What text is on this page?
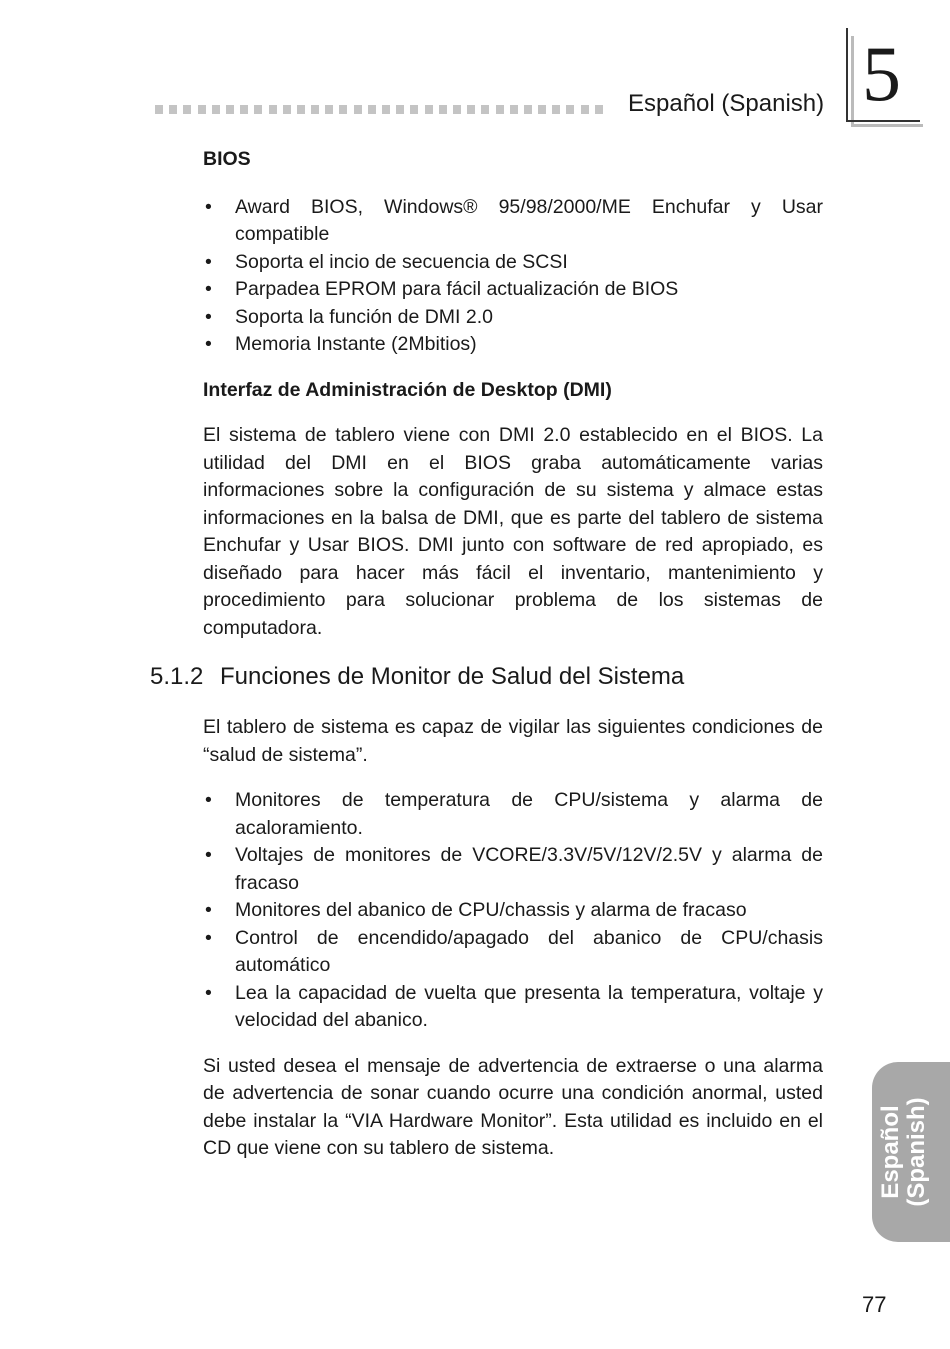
Español (Spanish) 5
BIOS
• Award BIOS, Windows® 95/98/2000/ME Enchufar y Usar compatible
• Soporta el incio de secuencia de SCSI
• Parpadea EPROM para fácil actualización de BIOS
• Soporta la función de DMI 2.0
• Memoria Instante (2Mbitios)
Interfaz de Administración de Desktop (DMI)

El sistema de tablero viene con DMI 2.0 establecido en el BIOS. La utilidad del DMI en el BIOS graba automáticamente varias informaciones sobre la configuración de su sistema y almace estas informaciones en la balsa de DMI, que es parte del tablero de sistema Enchufar y Usar BIOS. DMI junto con software de red apropiado, es diseñado para hacer más fácil el inventario, mantenimiento y procedimiento para solucionar problema de los sistemas de computadora.

5.1.2 Funciones de Monitor de Salud del Sistema

El tablero de sistema es capaz de vigilar las siguientes condiciones de “salud de sistema”.

• Monitores de temperatura de CPU/sistema y alarma de acaloramiento.
• Voltajes de monitores de VCORE/3.3V/5V/12V/2.5V y alarma de fracaso
• Monitores del abanico de CPU/chassis y alarma de fracaso
• Control de encendido/apagado del abanico de CPU/chasis automático
• Lea la capacidad de vuelta que presenta la temperatura, voltaje y velocidad del abanico.

Si usted desea el mensaje de advertencia de extraerse o una alarma de advertencia de sonar cuando ocurre una condición anormal, usted debe instalar la “VIA Hardware Monitor”. Esta utilidad es incluido en el CD que viene con su tablero de sistema.	Español (Spanish)
77
